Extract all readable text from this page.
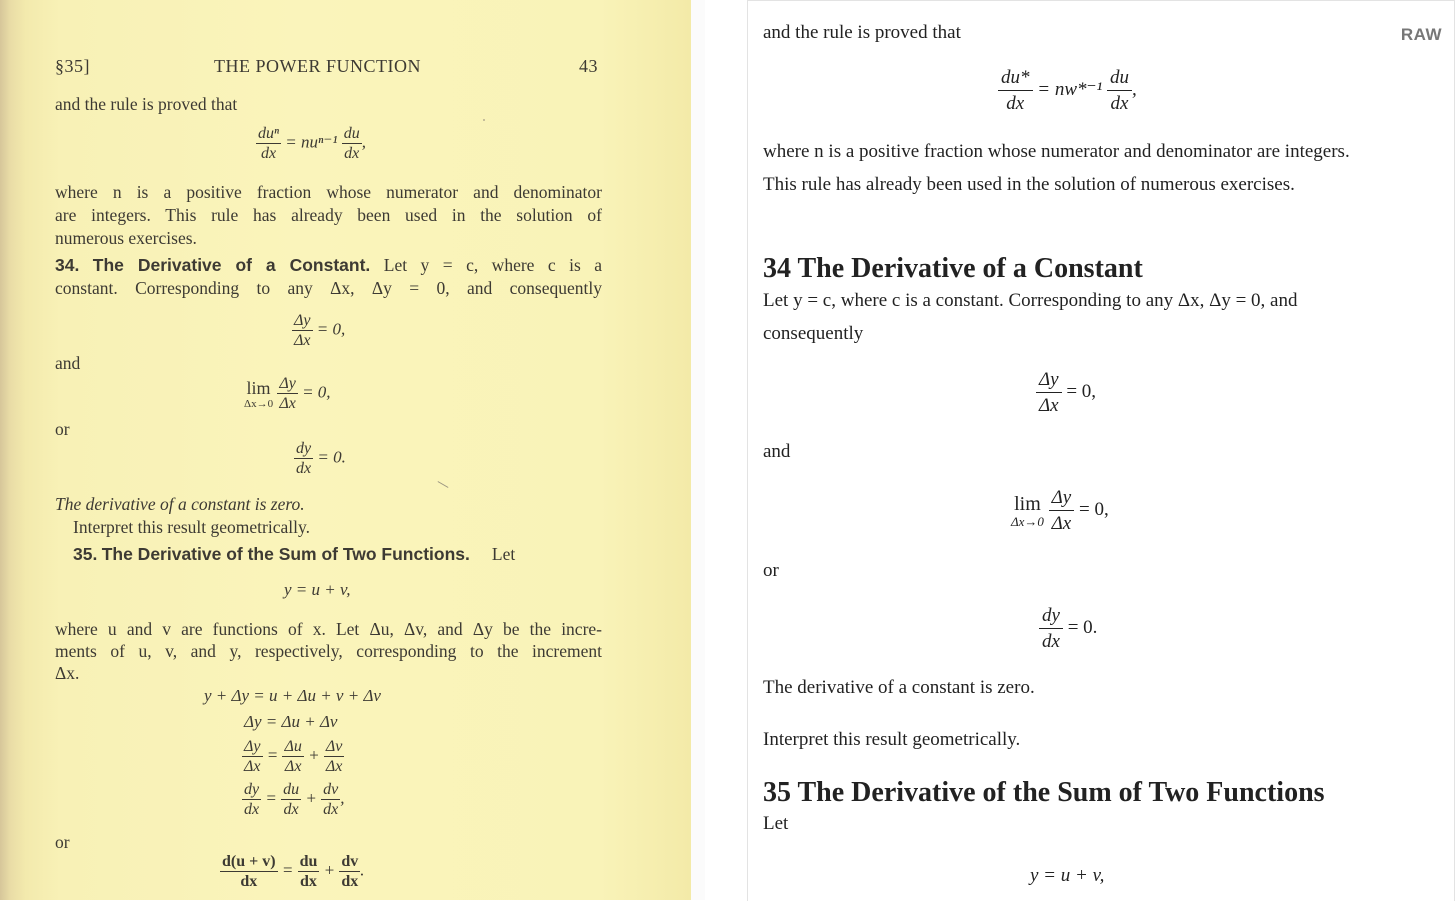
§35]	THE POWER FUNCTION	43
and the rule is proved that
$\frac{\text{duⁿ}}{dx} = nu^{n-1} \frac{du}{dx}$ ,
where n is a positive fraction whose numerator and denominator
are integers. This rule has already been used in the solution of
numerous exercises.
34. The Derivative of a Constant. Let y = c, where c is a
constant. Corresponding to any Δx, Δy = 0, and consequently
$\frac{\Delta y}{\Delta x} = 0$,
and
lim
Δx→0
$\frac{\Delta y}{\Delta x} = 0$,
or
$\frac{dy}{dx} = 0$.
The derivative of a constant is zero.
Interpret this result geometrically.
35. The Derivative of the Sum of Two Functions. Let
y = u + v,
where u and v are functions of x. Let Δu, Δv, and Δy be the incre-
ments of u, v, and y, respectively, corresponding to the increment
Δx.
y + Δy = u + Δu + v + Δv
Δy = Δu + Δv
$\frac{\Delta y}{\Delta x} = \frac{\Delta u}{\Delta x} + \frac{\Delta v}{\Delta x}$
$\frac{dy}{dx} = \frac{du}{dx} + \frac{dv}{dx}$ ,
or
$\frac{d(u + v)}{dx} = \frac{du}{dx} + \frac{dv}{dx}$ .
RAW
and the rule is proved that
$\frac{du*}{dx} = nw*^{-1} \frac{du}{dx}$ ,
where n is a positive fraction whose numerator and denominator are integers. This rule has already been used in the solution of numerous exercises.
34 The Derivative of a Constant
Let y = c, where c is a constant. Corresponding to any Δx, Δy = 0, and consequently
$\frac{\Delta y}{\Delta x} = 0$,
and
lim
Δx→0
$\frac{\Delta y}{\Delta x} = 0$,
or
$\frac{dy}{dx} = 0$.
The derivative of a constant is zero.
Interpret this result geometrically.
35 The Derivative of the Sum of Two Functions
Let
y = u + v,
